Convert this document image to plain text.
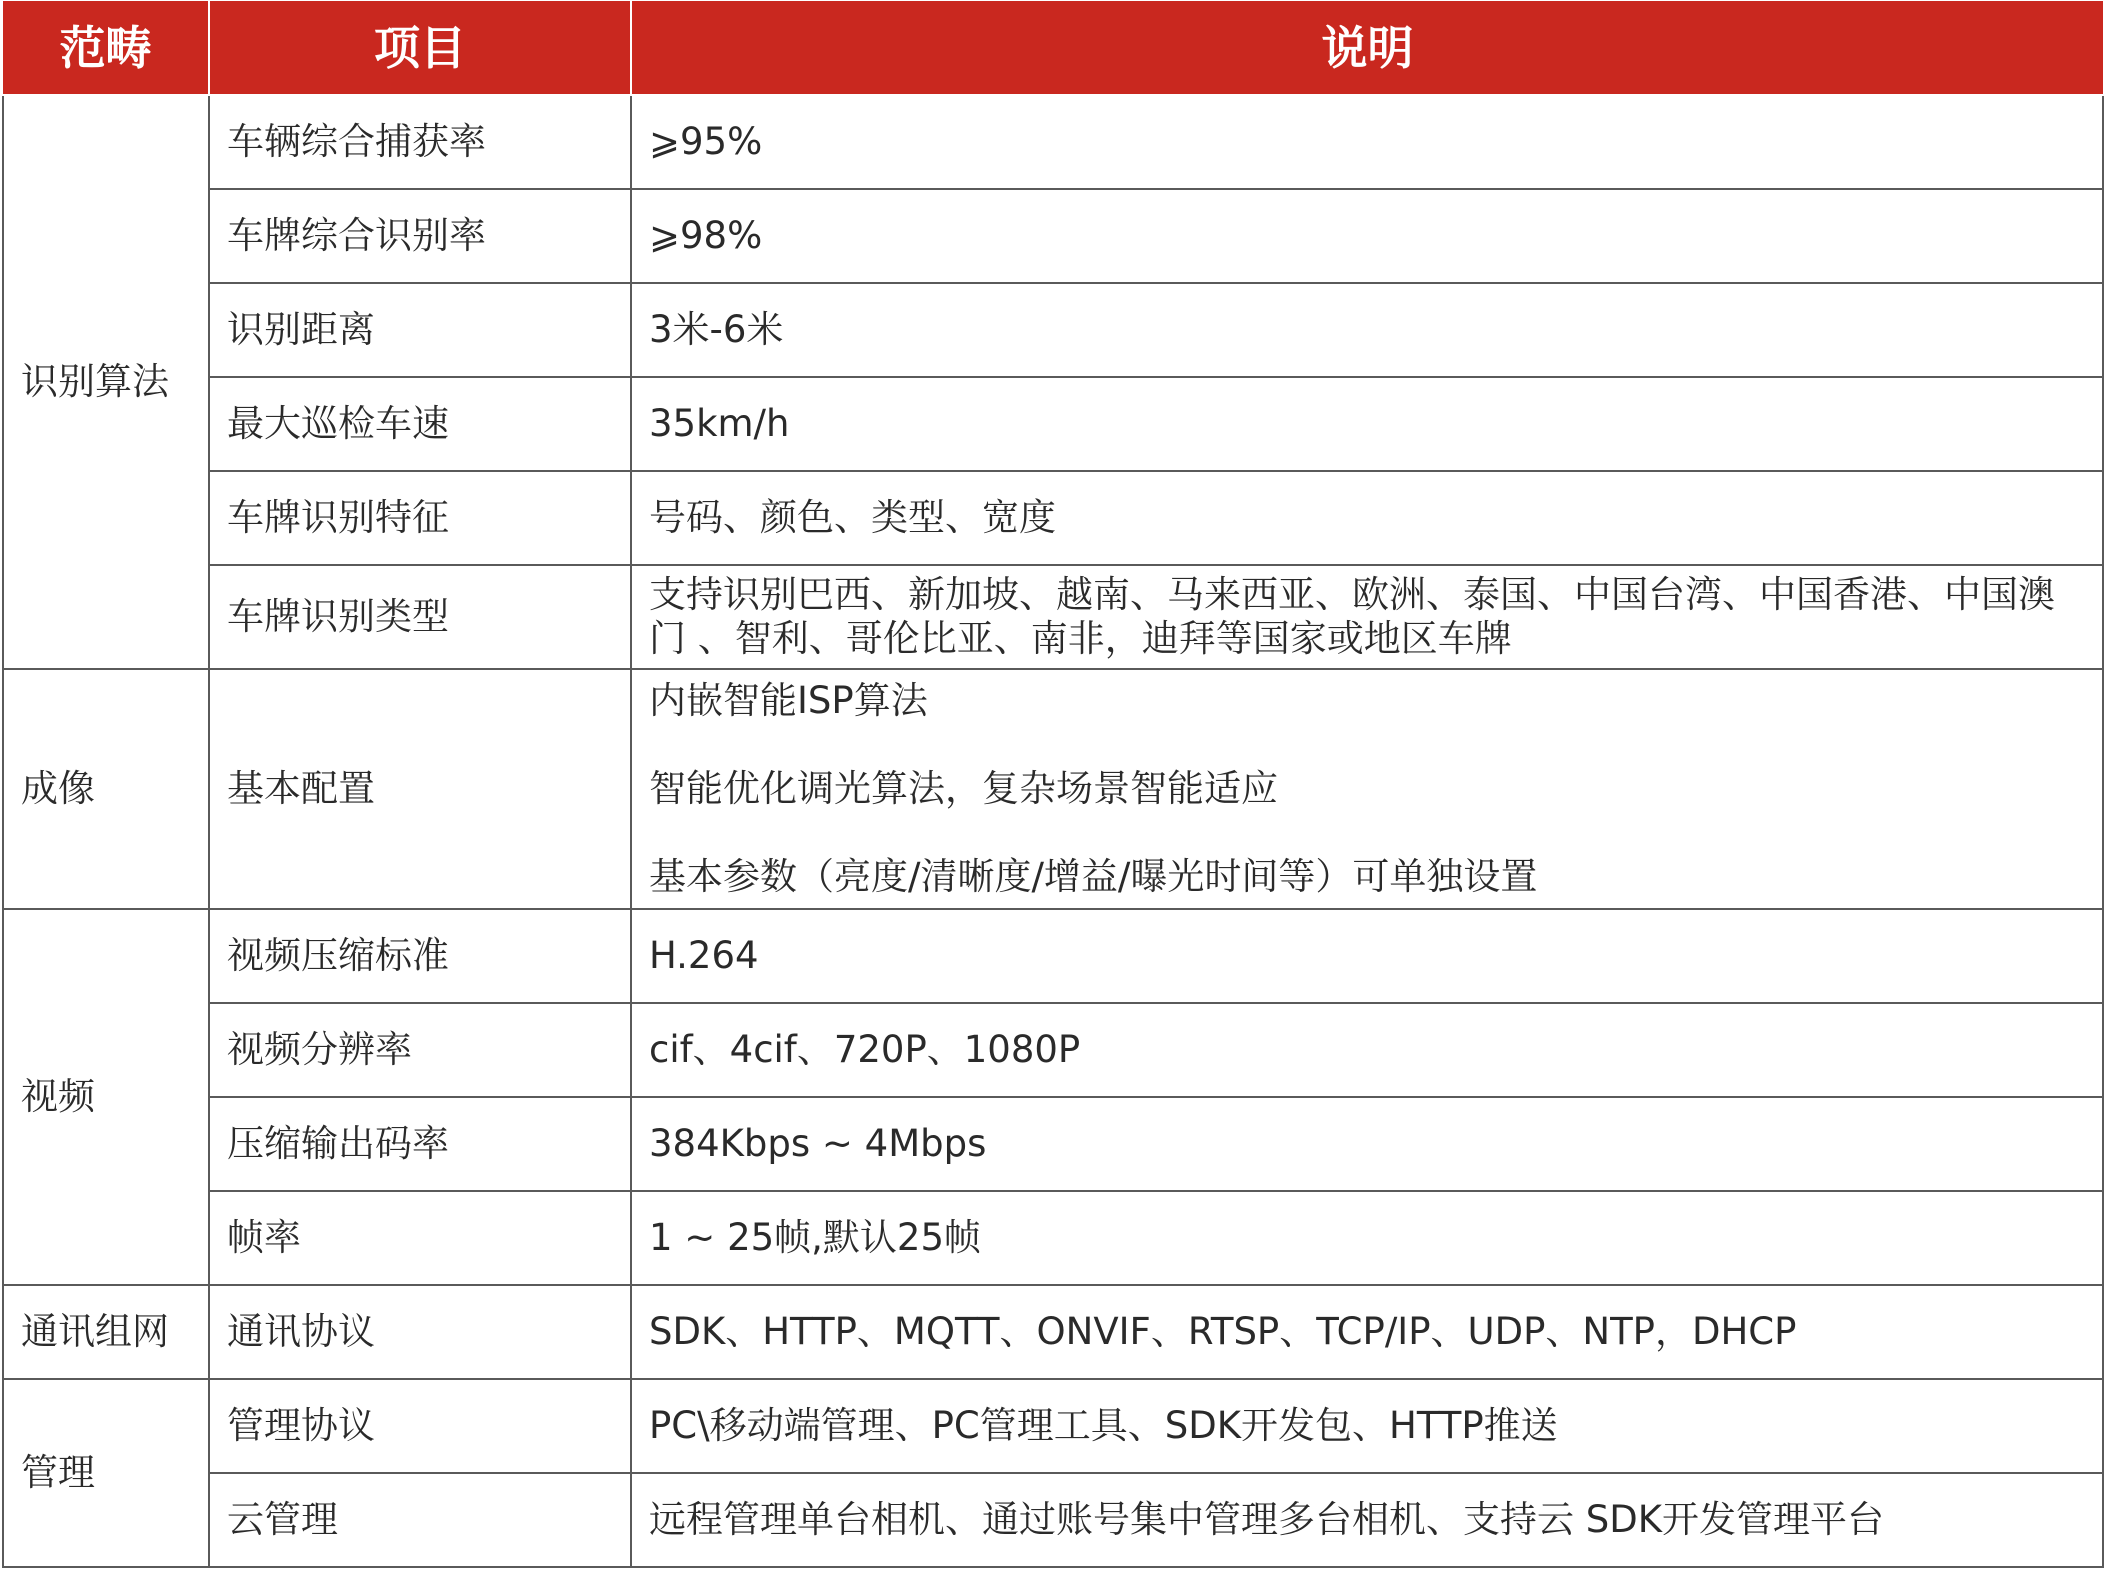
范畴	项目	说明
识别算法	车辆综合捕获率	⩾95%
	车牌综合识别率	⩾98%
	识别距离	3米-6米
	最大巡检车速	35km/h
	车牌识别特征	号码、颜色、类型、宽度
	车牌识别类型	支持识别巴西、新加坡、越南、马来西亚、欧洲、泰国、中国台湾、中国香港、中国澳门 、智利、哥伦比亚、南非，迪拜等国家或地区车牌
成像	基本配置	内嵌智能ISP算法
智能优化调光算法，复杂场景智能适应
基本参数（亮度/清晰度/增益/曝光时间等）可单独设置

视频	视频压缩标准	H.264
	视频分辨率	cif、4cif、720P、1080P
	压缩输出码率	384Kbps ~ 4Mbps
	帧率	1 ~ 25帧,默认25帧
通讯组网	通讯协议	SDK、HTTP、MQTT、ONVIF、RTSP、TCP/IP、UDP、NTP，DHCP
管理	管理协议	PC\移动端管理、PC管理工具、SDK开发包、HTTP推送
	云管理	远程管理单台相机、通过账号集中管理多台相机、支持云 SDK开发管理平台
